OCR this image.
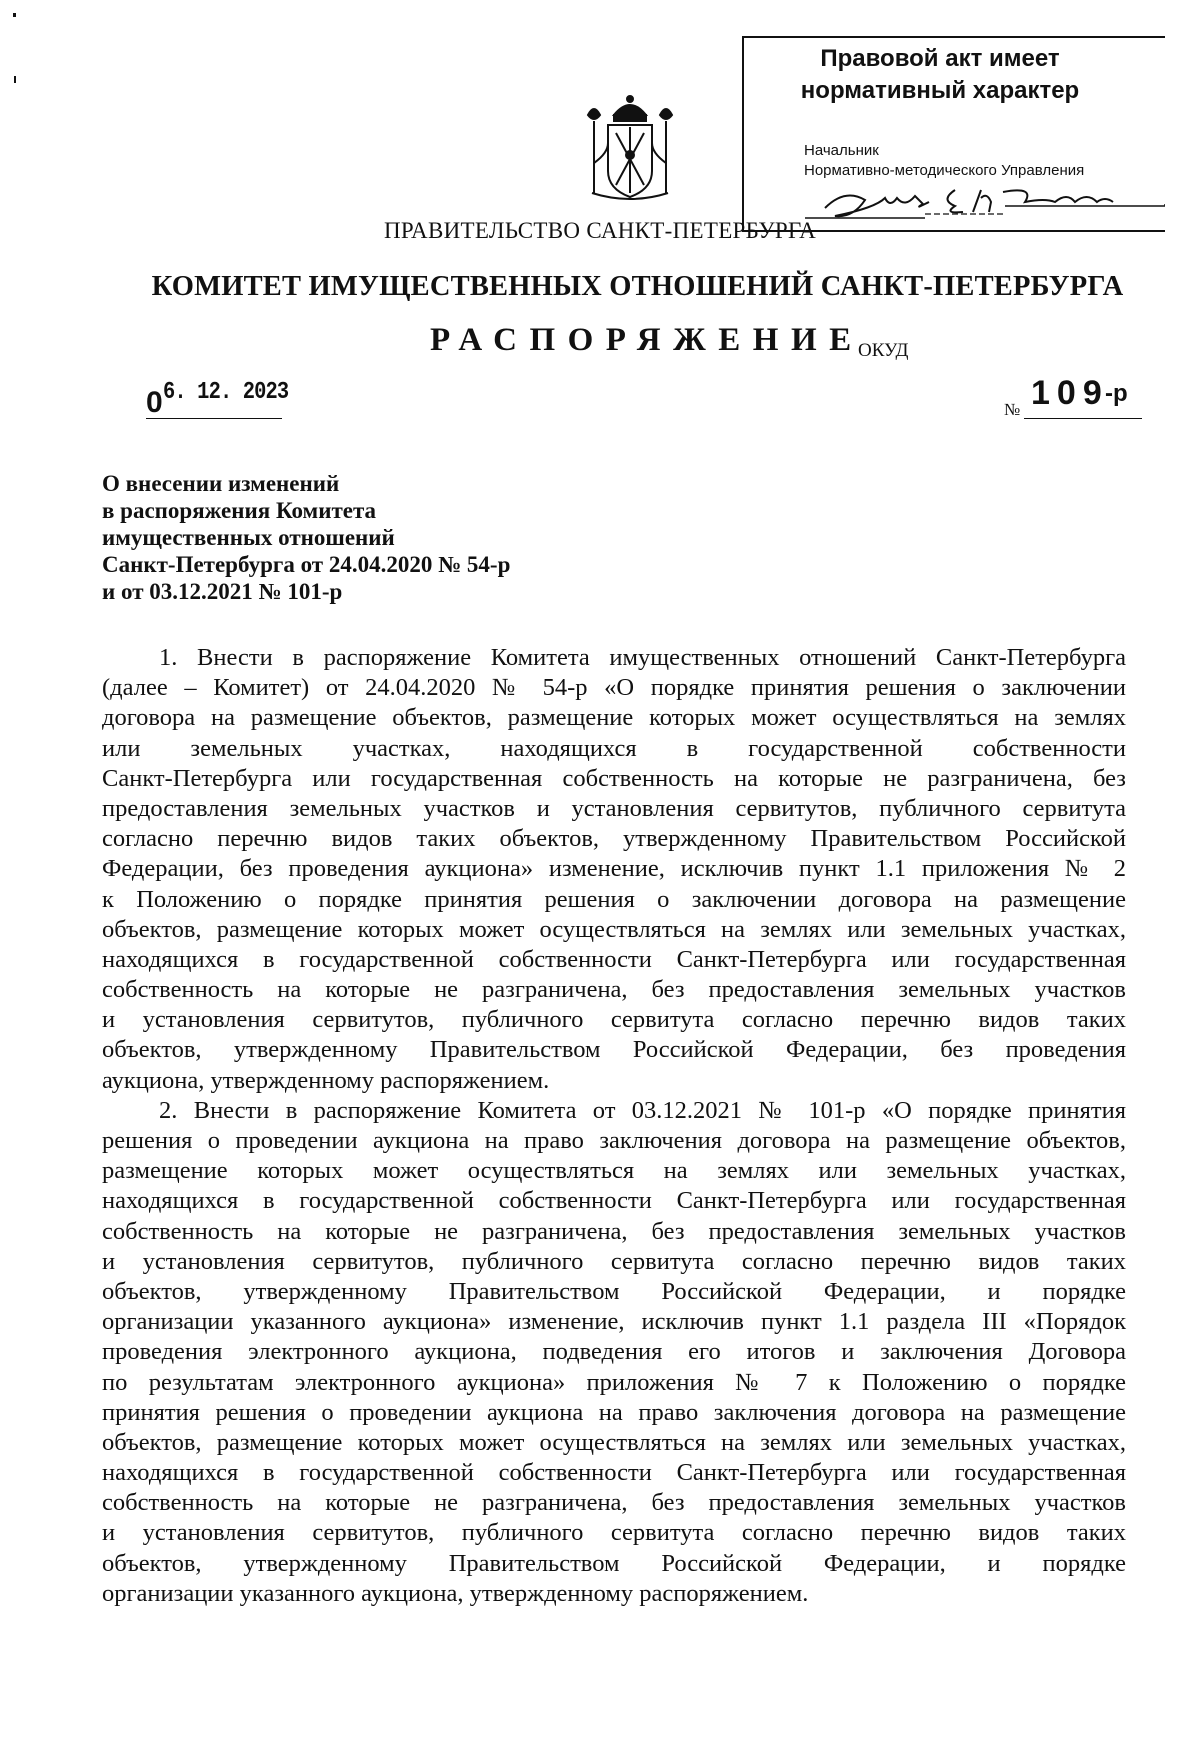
Правовой акт имеет
нормативный характер
Начальник
Нормативно-методического Управления
ПРАВИТЕЛЬСТВО САНКТ-ПЕТЕРБУРГА
КОМИТЕТ ИМУЩЕСТВЕННЫХ ОТНОШЕНИЙ САНКТ-ПЕТЕРБУРГА
РАСПОРЯЖЕНИЕ
ОКУД
0 6. 12. 2023
№ 109
-р
О внесении изменений
в распоряжения Комитета
имущественных отношений
Санкт-Петербурга от 24.04.2020 № 54-р
и от 03.12.2021 № 101-р
1. Внести в распоряжение Комитета имущественных отношений Санкт-Петербурга
(далее – Комитет) от 24.04.2020 № 54-р «О порядке принятия решения о заключении
договора на размещение объектов, размещение которых может осуществляться на землях
или земельных участках, находящихся в государственной собственности
Санкт-Петербурга или государственная собственность на которые не разграничена, без
предоставления земельных участков и установления сервитутов, публичного сервитута
согласно перечню видов таких объектов, утвержденному Правительством Российской
Федерации, без проведения аукциона» изменение, исключив пункт 1.1 приложения № 2
к Положению о порядке принятия решения о заключении договора на размещение
объектов, размещение которых может осуществляться на землях или земельных участках,
находящихся в государственной собственности Санкт-Петербурга или государственная
собственность на которые не разграничена, без предоставления земельных участков
и установления сервитутов, публичного сервитута согласно перечню видов таких
объектов, утвержденному Правительством Российской Федерации, без проведения
аукциона, утвержденному распоряжением.
2. Внести в распоряжение Комитета от 03.12.2021 № 101-р «О порядке принятия
решения о проведении аукциона на право заключения договора на размещение объектов,
размещение которых может осуществляться на землях или земельных участках,
находящихся в государственной собственности Санкт-Петербурга или государственная
собственность на которые не разграничена, без предоставления земельных участков
и установления сервитутов, публичного сервитута согласно перечню видов таких
объектов, утвержденному Правительством Российской Федерации, и порядке
организации указанного аукциона» изменение, исключив пункт 1.1 раздела III «Порядок
проведения электронного аукциона, подведения его итогов и заключения Договора
по результатам электронного аукциона» приложения № 7 к Положению о порядке
принятия решения о проведении аукциона на право заключения договора на размещение
объектов, размещение которых может осуществляться на землях или земельных участках,
находящихся в государственной собственности Санкт-Петербурга или государственная
собственность на которые не разграничена, без предоставления земельных участков
и установления сервитутов, публичного сервитута согласно перечню видов таких
объектов, утвержденному Правительством Российской Федерации, и порядке
организации указанного аукциона, утвержденному распоряжением.
